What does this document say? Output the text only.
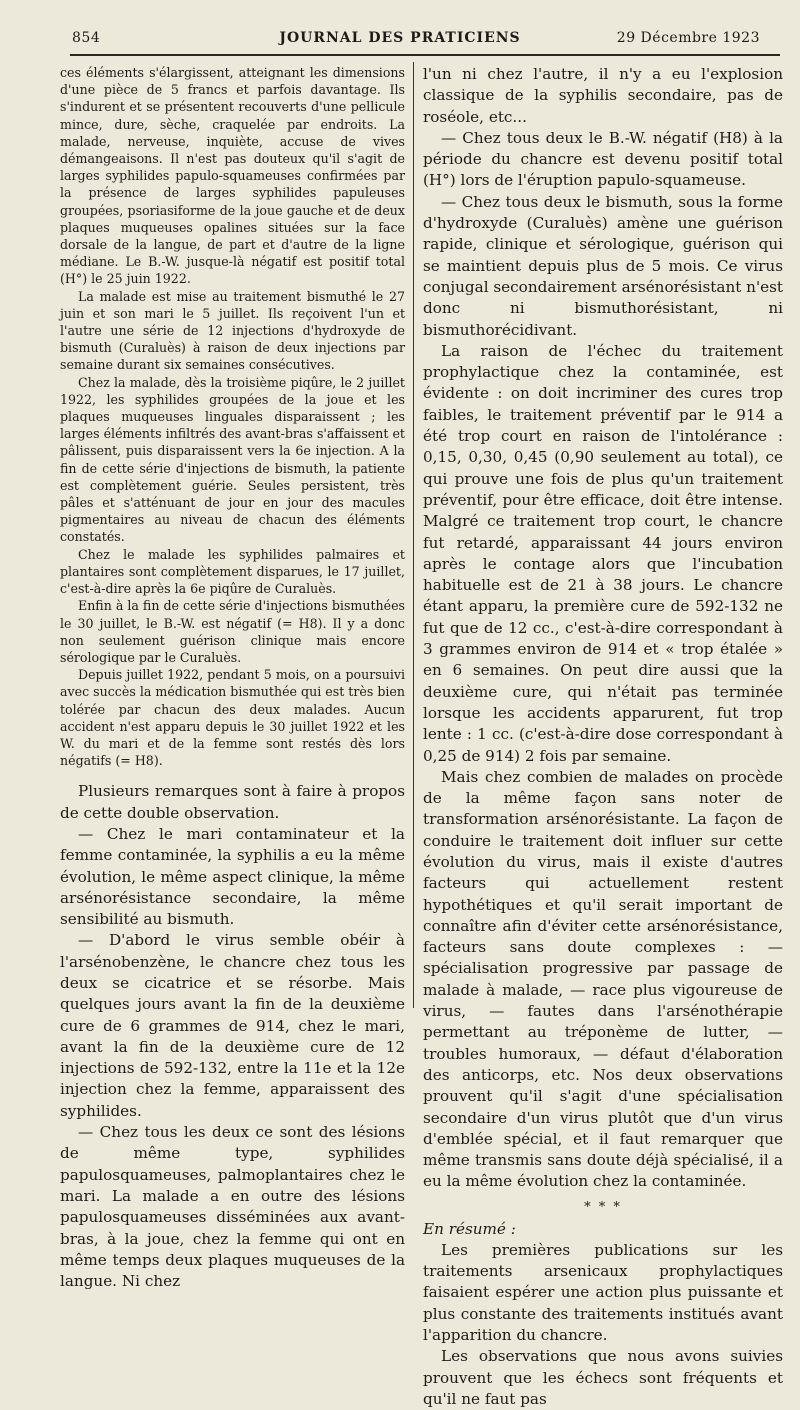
854	JOURNAL DES PRATICIENS	29 Décembre 1923

ces éléments s'élargissent, atteignant les dimensions d'une pièce de 5 francs et parfois davantage. Ils s'indurent et se présentent recouverts d'une pellicule mince, dure, sèche, craquelée par endroits. La malade, nerveuse, inquiète, accuse de vives démangeaisons. Il n'est pas douteux qu'il s'agit de larges syphilides papulo-squameuses confirmées par la présence de larges syphilides papuleuses groupées, psoriasiforme de la joue gauche et de deux plaques muqueuses opalines situées sur la face dorsale de la langue, de part et d'autre de la ligne médiane. Le B.-W. jusque-là négatif est positif total (H°) le 25 juin 1922.

La malade est mise au traitement bismuthé le 27 juin et son mari le 5 juillet. Ils reçoivent l'un et l'autre une série de 12 injections d'hydroxyde de bismuth (Curaluès) à raison de deux injections par semaine durant six semaines consécutives.

Chez la malade, dès la troisième piqûre, le 2 juillet 1922, les syphilides groupées de la joue et les plaques muqueuses linguales disparaissent ; les larges éléments infiltrés des avant-bras s'affaissent et pâlissent, puis disparaissent vers la 6e injection. A la fin de cette série d'injections de bismuth, la patiente est complètement guérie. Seules persistent, très pâles et s'atténuant de jour en jour des macules pigmentaires au niveau de chacun des éléments constatés.

Chez le malade les syphilides palmaires et plantaires sont complètement disparues, le 17 juillet, c'est-à-dire après la 6e piqûre de Curaluès.

Enfin à la fin de cette série d'injections bismuthées le 30 juillet, le B.-W. est négatif (= H8). Il y a donc non seulement guérison clinique mais encore sérologique par le Curaluès.

Depuis juillet 1922, pendant 5 mois, on a poursuivi avec succès la médication bismuthée qui est très bien tolérée par chacun des deux malades. Aucun accident n'est apparu depuis le 30 juillet 1922 et les W. du mari et de la femme sont restés dès lors négatifs (= H8).

Plusieurs remarques sont à faire à propos de cette double observation.

— Chez le mari contaminateur et la femme contaminée, la syphilis a eu la même évolution, le même aspect clinique, la même arsénorésistance secondaire, la même sensibilité au bismuth.

— D'abord le virus semble obéir à l'arsénobenzène, le chancre chez tous les deux se cicatrice et se résorbe. Mais quelques jours avant la fin de la deuxième cure de 6 grammes de 914, chez le mari, avant la fin de la deuxième cure de 12 injections de 592-132, entre la 11e et la 12e injection chez la femme, apparaissent des syphilides.

— Chez tous les deux ce sont des lésions de même type, syphilides papulosquameuses, palmoplantaires chez le mari. La malade a en outre des lésions papulosquameuses disséminées aux avant-bras, à la joue, chez la femme qui ont en même temps deux plaques muqueuses de la langue. Ni chez

l'un ni chez l'autre, il n'y a eu l'explosion classique de la syphilis secondaire, pas de roséole, etc...

— Chez tous deux le B.-W. négatif (H8) à la période du chancre est devenu positif total (H°) lors de l'éruption papulo-squameuse.

— Chez tous deux le bismuth, sous la forme d'hydroxyde (Curaluès) amène une guérison rapide, clinique et sérologique, guérison qui se maintient depuis plus de 5 mois. Ce virus conjugal secondairement arsénorésistant n'est donc ni bismuthorésistant, ni bismuthorécidivant.

La raison de l'échec du traitement prophylactique chez la contaminée, est évidente : on doit incriminer des cures trop faibles, le traitement préventif par le 914 a été trop court en raison de l'intolérance : 0,15, 0,30, 0,45 (0,90 seulement au total), ce qui prouve une fois de plus qu'un traitement préventif, pour être efficace, doit être intense. Malgré ce traitement trop court, le chancre fut retardé, apparaissant 44 jours environ après le contage alors que l'incubation habituelle est de 21 à 38 jours. Le chancre étant apparu, la première cure de 592-132 ne fut que de 12 cc., c'est-à-dire correspondant à 3 grammes environ de 914 et « trop étalée » en 6 semaines. On peut dire aussi que la deuxième cure, qui n'était pas terminée lorsque les accidents apparurent, fut trop lente : 1 cc. (c'est-à-dire dose correspondant à 0,25 de 914) 2 fois par semaine.

Mais chez combien de malades on procède de la même façon sans noter de transformation arsénorésistante. La façon de conduire le traitement doit influer sur cette évolution du virus, mais il existe d'autres facteurs qui actuellement restent hypothétiques et qu'il serait important de connaître afin d'éviter cette arsénorésistance, facteurs sans doute complexes : — spécialisation progressive par passage de malade à malade, — race plus vigoureuse de virus, — fautes dans l'arsénothérapie permettant au tréponème de lutter, — troubles humoraux, — défaut d'élaboration des anticorps, etc. Nos deux observations prouvent qu'il s'agit d'une spécialisation secondaire d'un virus plutôt que d'un virus d'emblée spécial, et il faut remarquer que même transmis sans doute déjà spécialisé, il a eu la même évolution chez la contaminée.

* * *
En résumé :

Les premières publications sur les traitements arsenicaux prophylactiques faisaient espérer une action plus puissante et plus constante des traitements institués avant l'apparition du chancre.

Les observations que nous avons suivies prouvent que les échecs sont fréquents et qu'il ne faut pas
